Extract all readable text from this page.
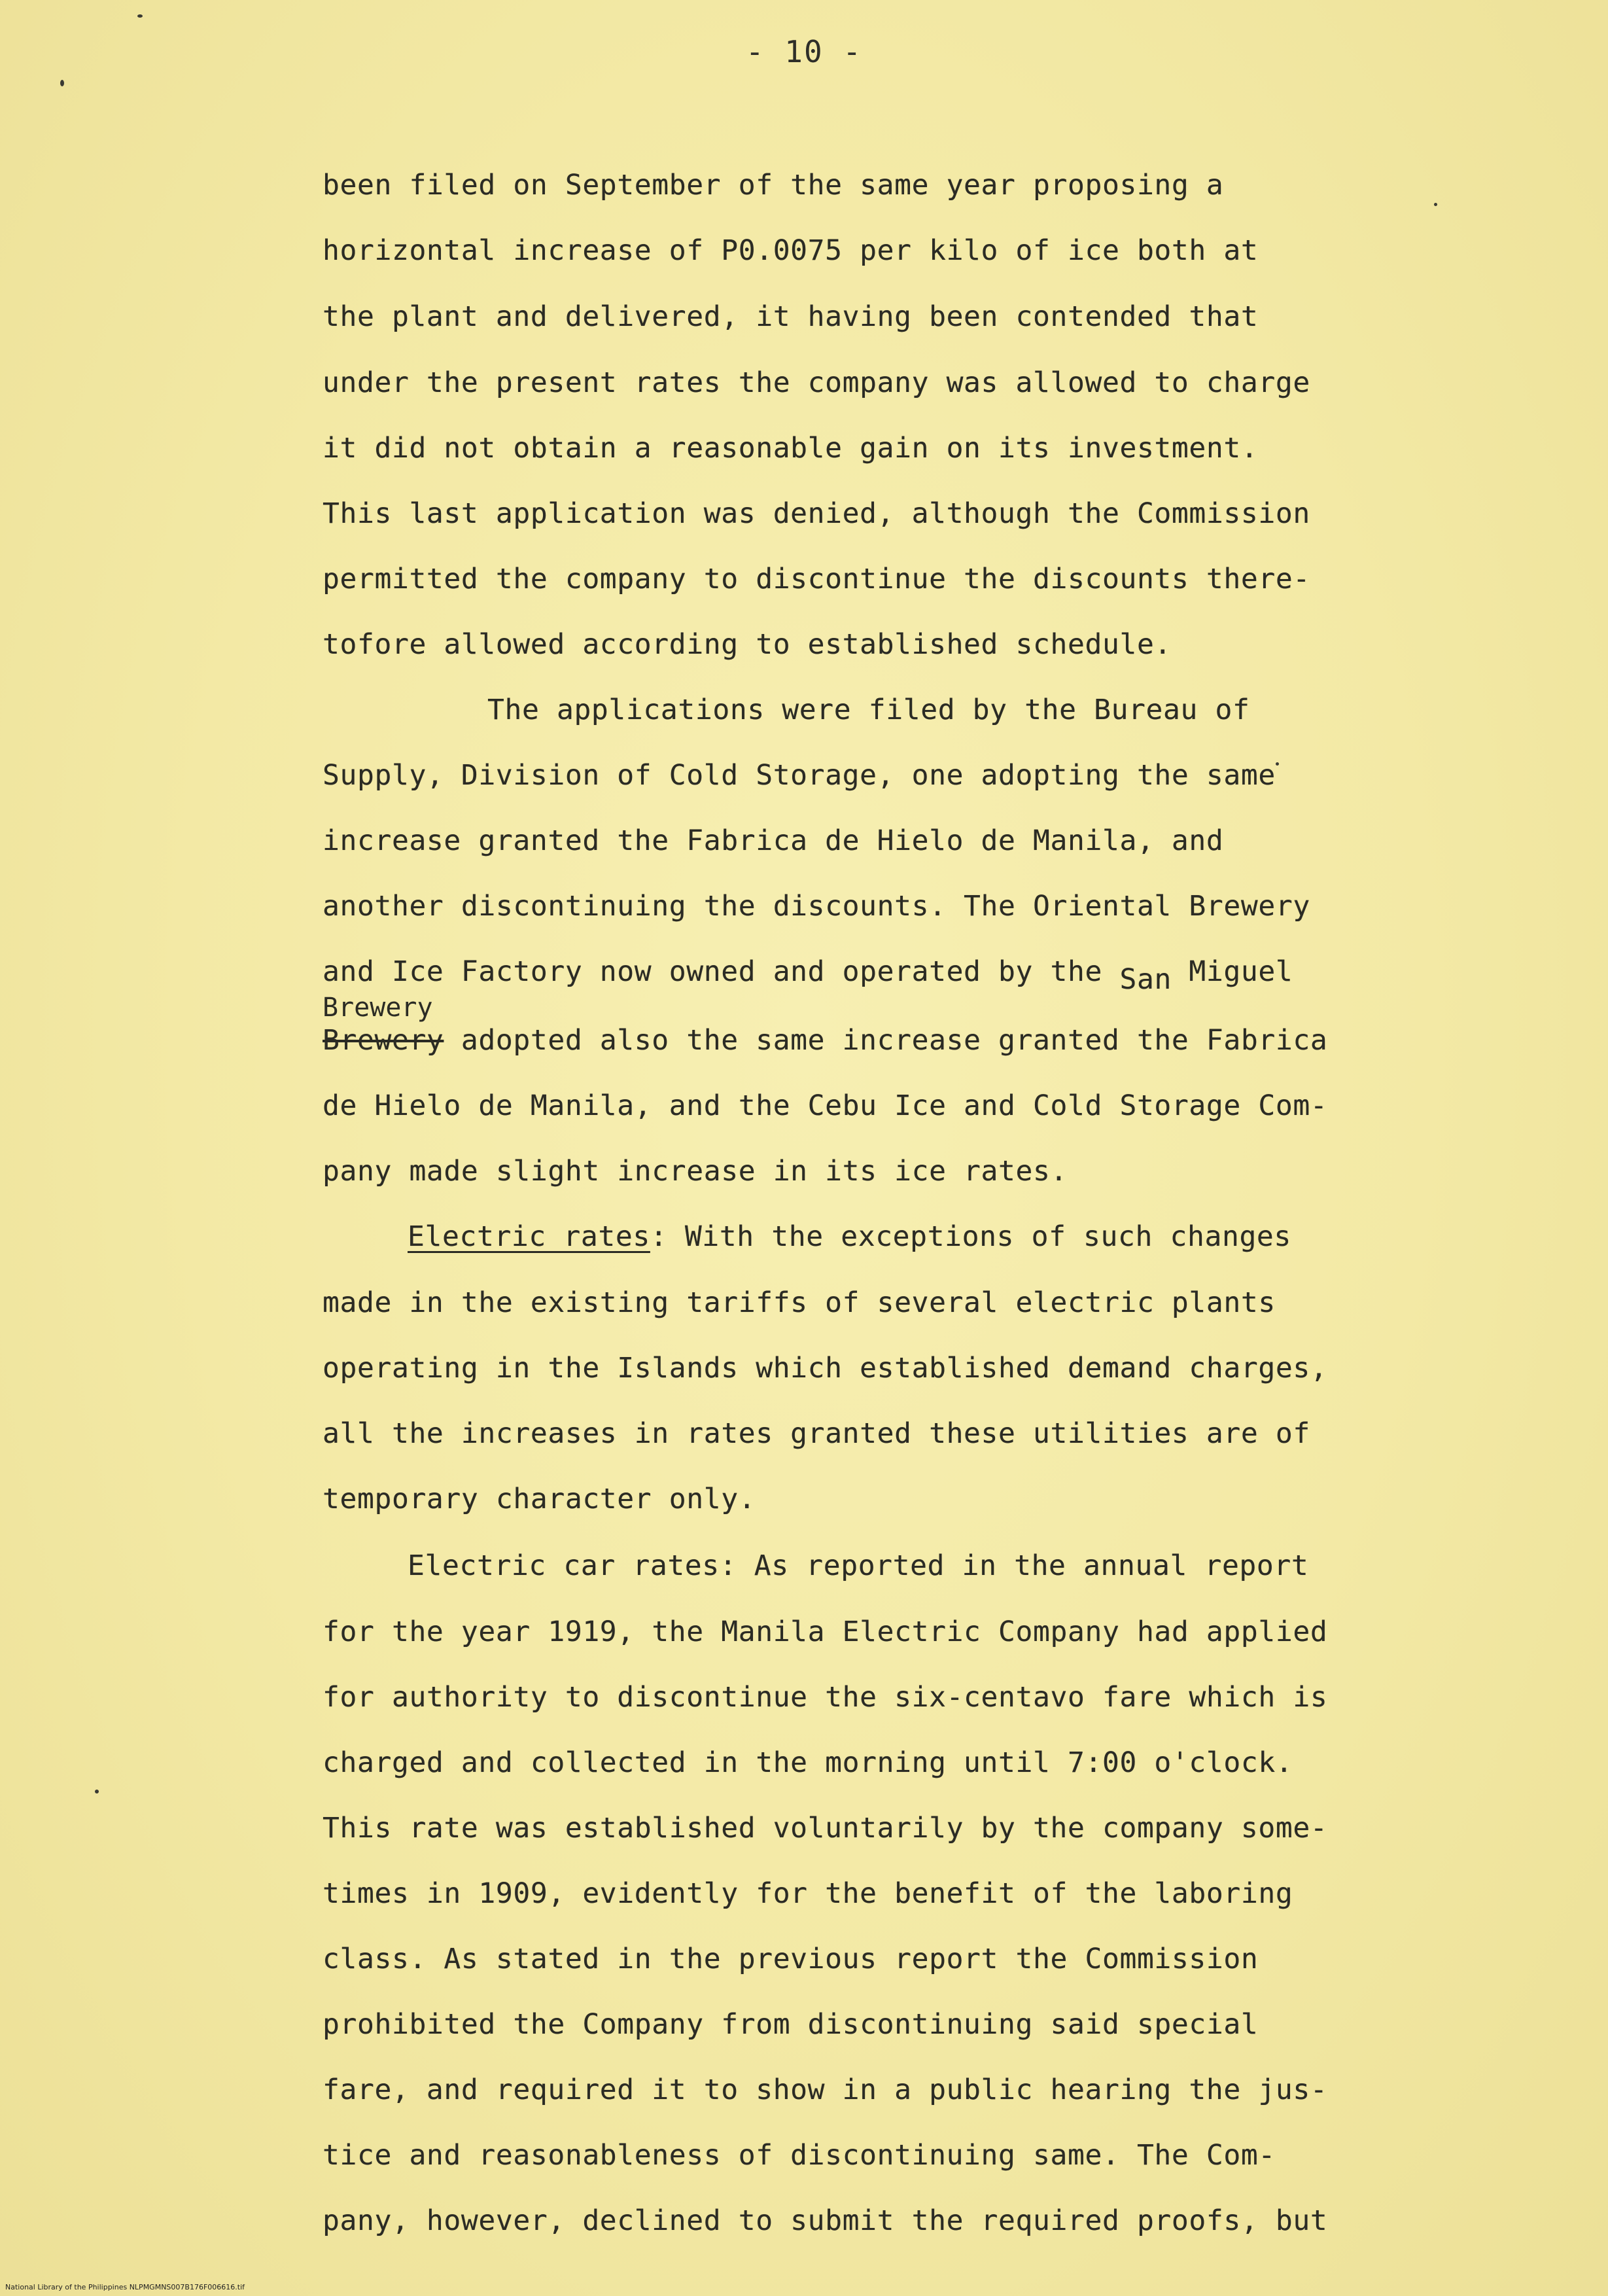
- 10 -
been filed on September of the same year proposing a
horizontal increase of P0.0075 per kilo of ice both at
the plant and delivered, it having been contended that
under the present rates the company was allowed to charge
it did not obtain a reasonable gain on its investment.
This last application was denied, although the Commission
permitted the company to discontinue the discounts there-
tofore allowed according to established schedule.
The applications were filed by the Bureau of
Supply, Division of Cold Storage, one adopting the same
increase granted the Fabrica de Hielo de Manila, and
another discontinuing the discounts. The Oriental Brewery
and Ice Factory now owned and operated by the San Miguel
Brewery
Brewery adopted also the same increase granted the Fabrica
de Hielo de Manila, and the Cebu Ice and Cold Storage Com-
pany made slight increase in its ice rates.
Electric rates: With the exceptions of such changes
made in the existing tariffs of several electric plants
operating in the Islands which established demand charges,
all the increases in rates granted these utilities are of
temporary character only.
Electric car rates: As reported in the annual report
for the year 1919, the Manila Electric Company had applied
for authority to discontinue the six-centavo fare which is
charged and collected in the morning until 7:00 o'clock.
This rate was established voluntarily by the company some-
times in 1909, evidently for the benefit of the laboring
class. As stated in the previous report the Commission
prohibited the Company from discontinuing said special
fare, and required it to show in a public hearing the jus-
tice and reasonableness of discontinuing same. The Com-
pany, however, declined to submit the required proofs, but
National Library of the Philippines NLPMGMNS007B176F006616.tif
